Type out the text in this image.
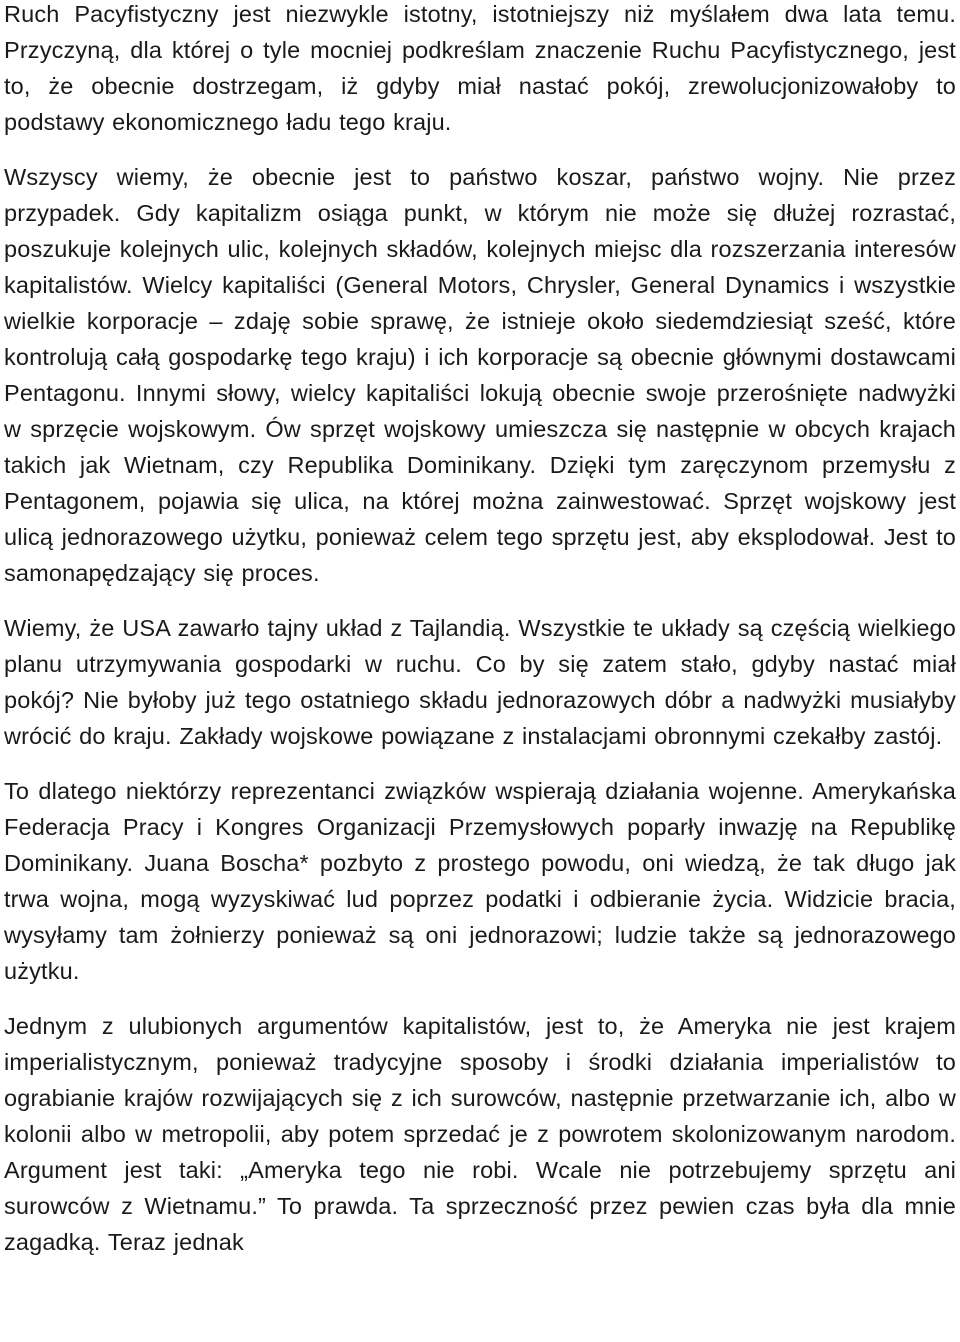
Ruch Pacyfistyczny jest niezwykle istotny, istotniejszy niż myślałem dwa lata temu. Przyczyną, dla której o tyle mocniej podkreślam znaczenie Ruchu Pacyfistycznego, jest to, że obecnie dostrzegam, iż gdyby miał nastać pokój, zrewolucjonizowałoby to podstawy ekonomicznego ładu tego kraju.

Wszyscy wiemy, że obecnie jest to państwo koszar, państwo wojny. Nie przez przypadek. Gdy kapitalizm osiąga punkt, w którym nie może się dłużej rozrastać, poszukuje kolejnych ulic, kolejnych składów, kolejnych miejsc dla rozszerzania interesów kapitalistów. Wielcy kapitaliści (General Motors, Chrysler, General Dynamics i wszystkie wielkie korporacje – zdaję sobie sprawę, że istnieje około siedemdziesiąt sześć, które kontrolują całą gospodarkę tego kraju) i ich korporacje są obecnie głównymi dostawcami Pentagonu. Innymi słowy, wielcy kapitaliści lokują obecnie swoje przerośnięte nadwyżki w sprzęcie wojskowym. Ów sprzęt wojskowy umieszcza się następnie w obcych krajach takich jak Wietnam, czy Republika Dominikany. Dzięki tym zaręczynom przemysłu z Pentagonem, pojawia się ulica, na której można zainwestować. Sprzęt wojskowy jest ulicą jednorazowego użytku, ponieważ celem tego sprzętu jest, aby eksplodował. Jest to samonapędzający się proces.

Wiemy, że USA zawarło tajny układ z Tajlandią. Wszystkie te układy są częścią wielkiego planu utrzymywania gospodarki w ruchu. Co by się zatem stało, gdyby nastać miał pokój? Nie byłoby już tego ostatniego składu jednorazowych dóbr a nadwyżki musiałyby wrócić do kraju. Zakłady wojskowe powiązane z instalacjami obronnymi czekałby zastój.

To dlatego niektórzy reprezentanci związków wspierają działania wojenne. Amerykańska Federacja Pracy i Kongres Organizacji Przemysłowych poparły inwazję na Republikę Dominikany. Juana Boscha* pozbyto z prostego powodu, oni wiedzą, że tak długo jak trwa wojna, mogą wyzyskiwać lud poprzez podatki i odbieranie życia. Widzicie bracia, wysyłamy tam żołnierzy ponieważ są oni jednorazowi; ludzie także są jednorazowego użytku.

Jednym z ulubionych argumentów kapitalistów, jest to, że Ameryka nie jest krajem imperialistycznym, ponieważ tradycyjne sposoby i środki działania imperialistów to ograbianie krajów rozwijających się z ich surowców, następnie przetwarzanie ich, albo w kolonii albo w metropolii, aby potem sprzedać je z powrotem skolonizowanym narodom. Argument jest taki: „Ameryka tego nie robi. Wcale nie potrzebujemy sprzętu ani surowców z Wietnamu.” To prawda. Ta sprzeczność przez pewien czas była dla mnie zagadką. Teraz jednak
